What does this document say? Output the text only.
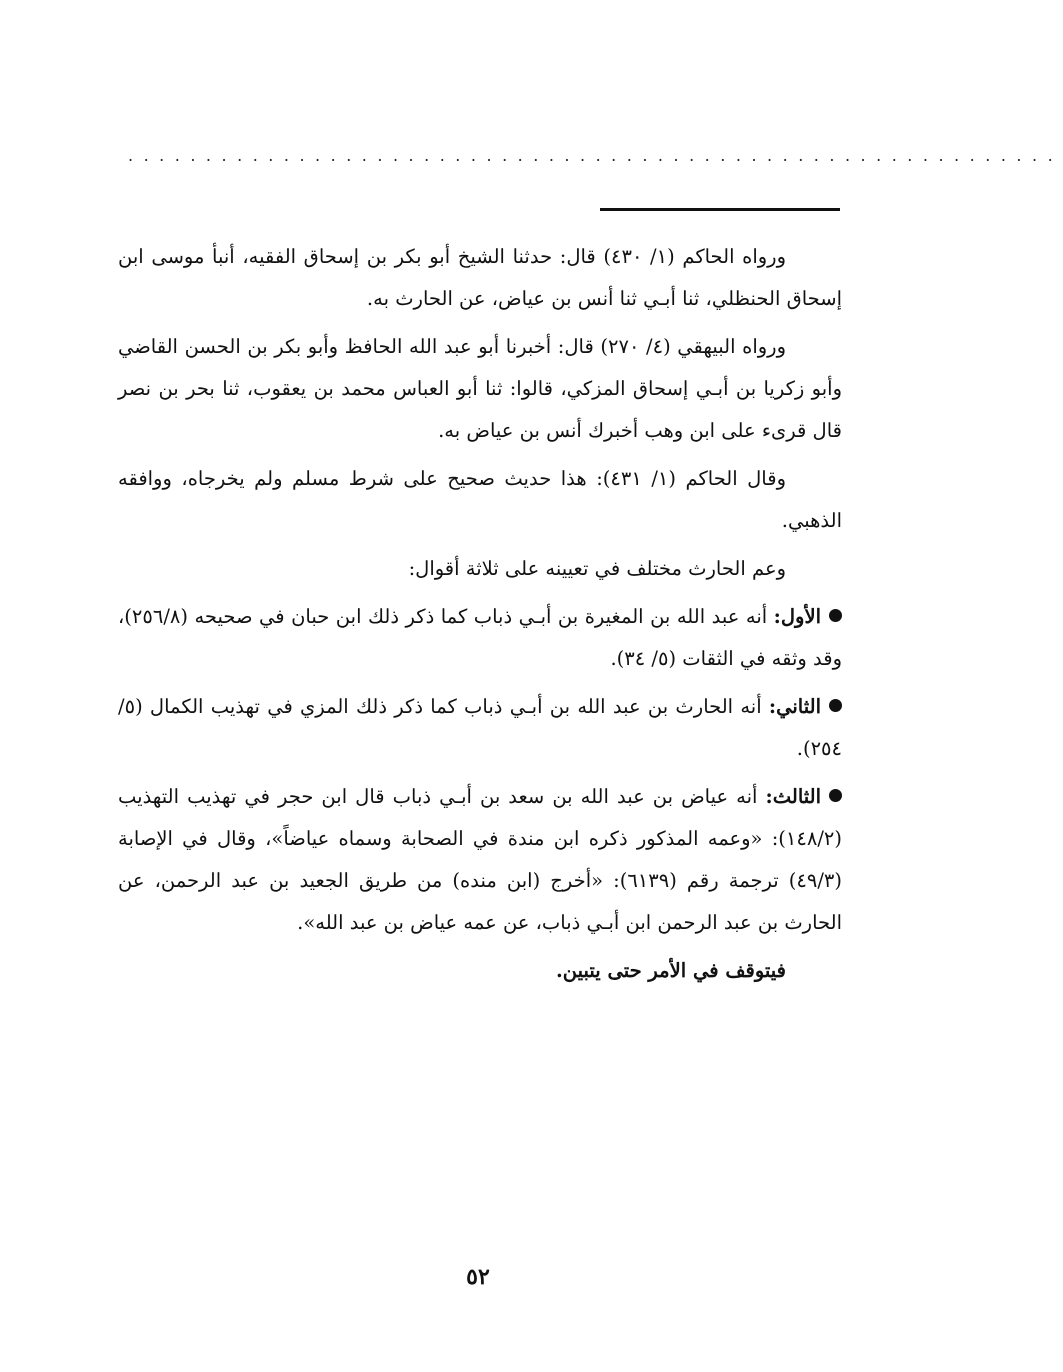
............................................................

ورواه الحاكم (١/ ٤٣٠) قال: حدثنا الشيخ أبو بكر بن إسحاق الفقيه، أنبأ موسى ابن إسحاق الحنظلي، ثنا أبـي ثنا أنس بن عياض، عن الحارث به.

ورواه البيهقي (٤/ ٢٧٠) قال: أخبرنا أبو عبد الله الحافظ وأبو بكر بن الحسن القاضي وأبو زكريا بن أبـي إسحاق المزكي، قالوا: ثنا أبو العباس محمد بن يعقوب، ثنا بحر بن نصر قال قرىء على ابن وهب أخبرك أنس بن عياض به.

وقال الحاكم (١/ ٤٣١): هذا حديث صحيح على شرط مسلم ولم يخرجاه، ووافقه الذهبي.

وعم الحارث مختلف في تعيينه على ثلاثة أقوال:

الأول: أنه عبد الله بن المغيرة بن أبـي ذباب كما ذكر ذلك ابن حبان في صحيحه (٢٥٦/٨)، وقد وثقه في الثقات (٥/ ٣٤).

الثاني: أنه الحارث بن عبد الله بن أبـي ذباب كما ذكر ذلك المزي في تهذيب الكمال (٥/ ٢٥٤).

الثالث: أنه عياض بن عبد الله بن سعد بن أبـي ذباب قال ابن حجر في تهذيب التهذيب (١٤٨/٢): «وعمه المذكور ذكره ابن مندة في الصحابة وسماه عياضاً»، وقال في الإصابة (٤٩/٣) ترجمة رقم (٦١٣٩): «أخرج (ابن منده) من طريق الجعيد بن عبد الرحمن، عن الحارث بن عبد الرحمن ابن أبـي ذباب، عن عمه عياض بن عبد الله».

فيتوقف في الأمر حتى يتبين.

٥٢
